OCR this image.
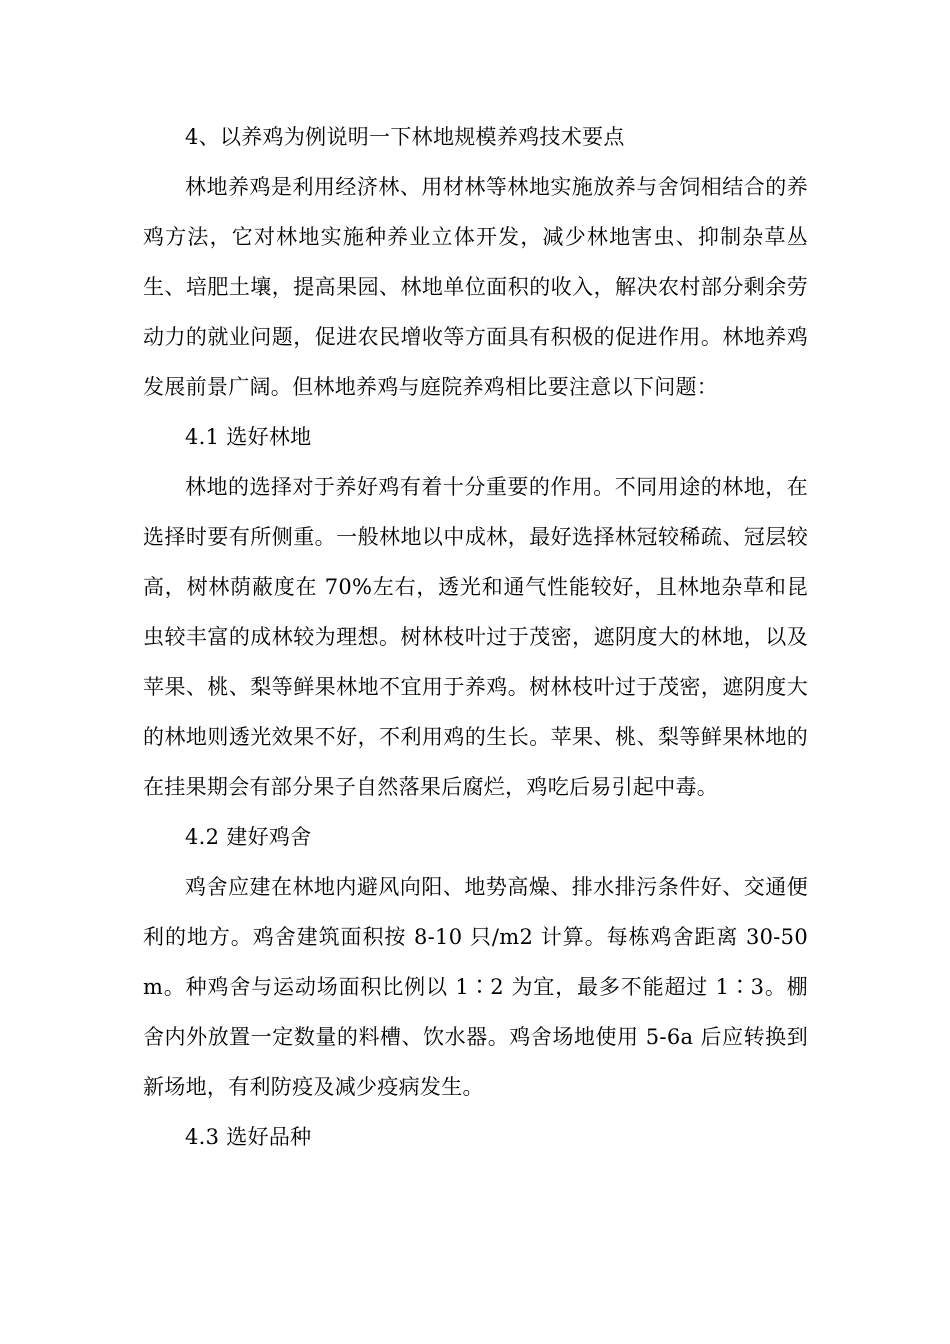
4、以养鸡为例说明一下林地规模养鸡技术要点

林地养鸡是利用经济林、用材林等林地实施放养与舍饲相结合的养鸡方法，它对林地实施种养业立体开发，减少林地害虫、抑制杂草丛生、培肥土壤，提高果园、林地单位面积的收入，解决农村部分剩余劳动力的就业问题，促进农民增收等方面具有积极的促进作用。林地养鸡发展前景广阔。但林地养鸡与庭院养鸡相比要注意以下问题：

4.1 选好林地

林地的选择对于养好鸡有着十分重要的作用。不同用途的林地，在选择时要有所侧重。一般林地以中成林，最好选择林冠较稀疏、冠层较高，树林荫蔽度在 70%左右，透光和通气性能较好，且林地杂草和昆虫较丰富的成林较为理想。树林枝叶过于茂密，遮阴度大的林地，以及苹果、桃、梨等鲜果林地不宜用于养鸡。树林枝叶过于茂密，遮阴度大的林地则透光效果不好，不利用鸡的生长。苹果、桃、梨等鲜果林地的在挂果期会有部分果子自然落果后腐烂，鸡吃后易引起中毒。

4.2 建好鸡舍

鸡舍应建在林地内避风向阳、地势高燥、排水排污条件好、交通便利的地方。鸡舍建筑面积按 8-10 只/m2 计算。每栋鸡舍距离 30-50m。种鸡舍与运动场面积比例以 1∶2 为宜，最多不能超过 1∶3。棚舍内外放置一定数量的料槽、饮水器。鸡舍场地使用 5-6a 后应转换到新场地，有利防疫及减少疫病发生。

4.3 选好品种
